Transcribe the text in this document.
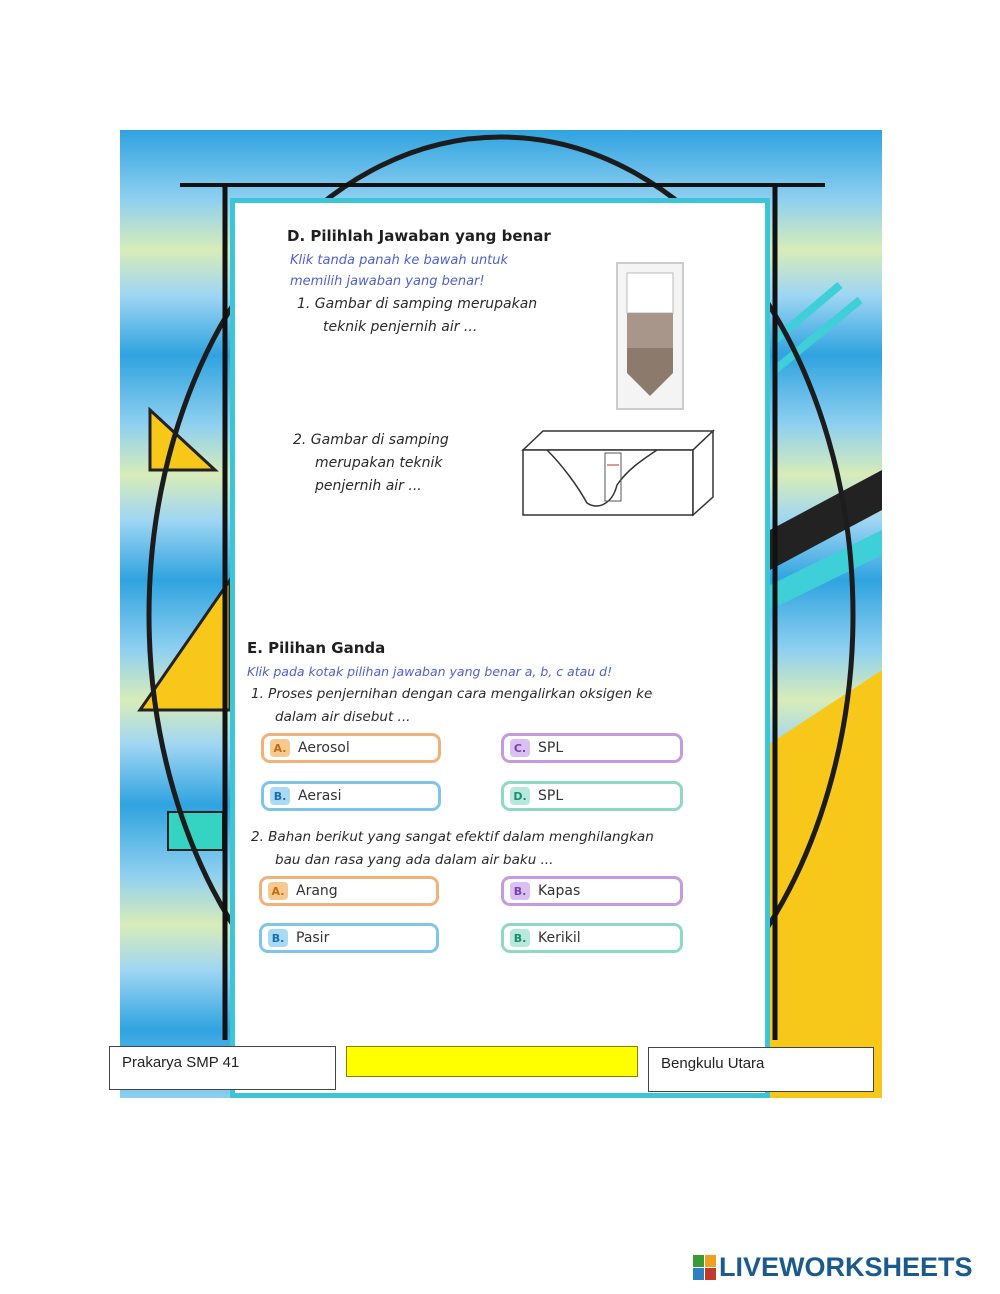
D. Pilihlah Jawaban yang benar
Klik tanda panah ke bawah untuk
memilih jawaban yang benar!
1. Gambar di samping merupakan
teknik penjernih air ...
2. Gambar di samping
merupakan teknik
penjernih air ...
E. Pilihan Ganda
Klik pada kotak pilihan jawaban yang benar a, b, c atau d!
1. Proses penjernihan dengan cara mengalirkan oksigen ke
dalam air disebut ...
A. Aerosol	C. SPL
B. Aerasi	D. SPL
2. Bahan berikut yang sangat efektif dalam menghilangkan
bau dan rasa yang ada dalam air baku ...
A. Arang	B. Kapas
B. Pasir	B. Kerikil
Prakarya SMP 41	Bengkulu Utara
LIVEWORKSHEETS
